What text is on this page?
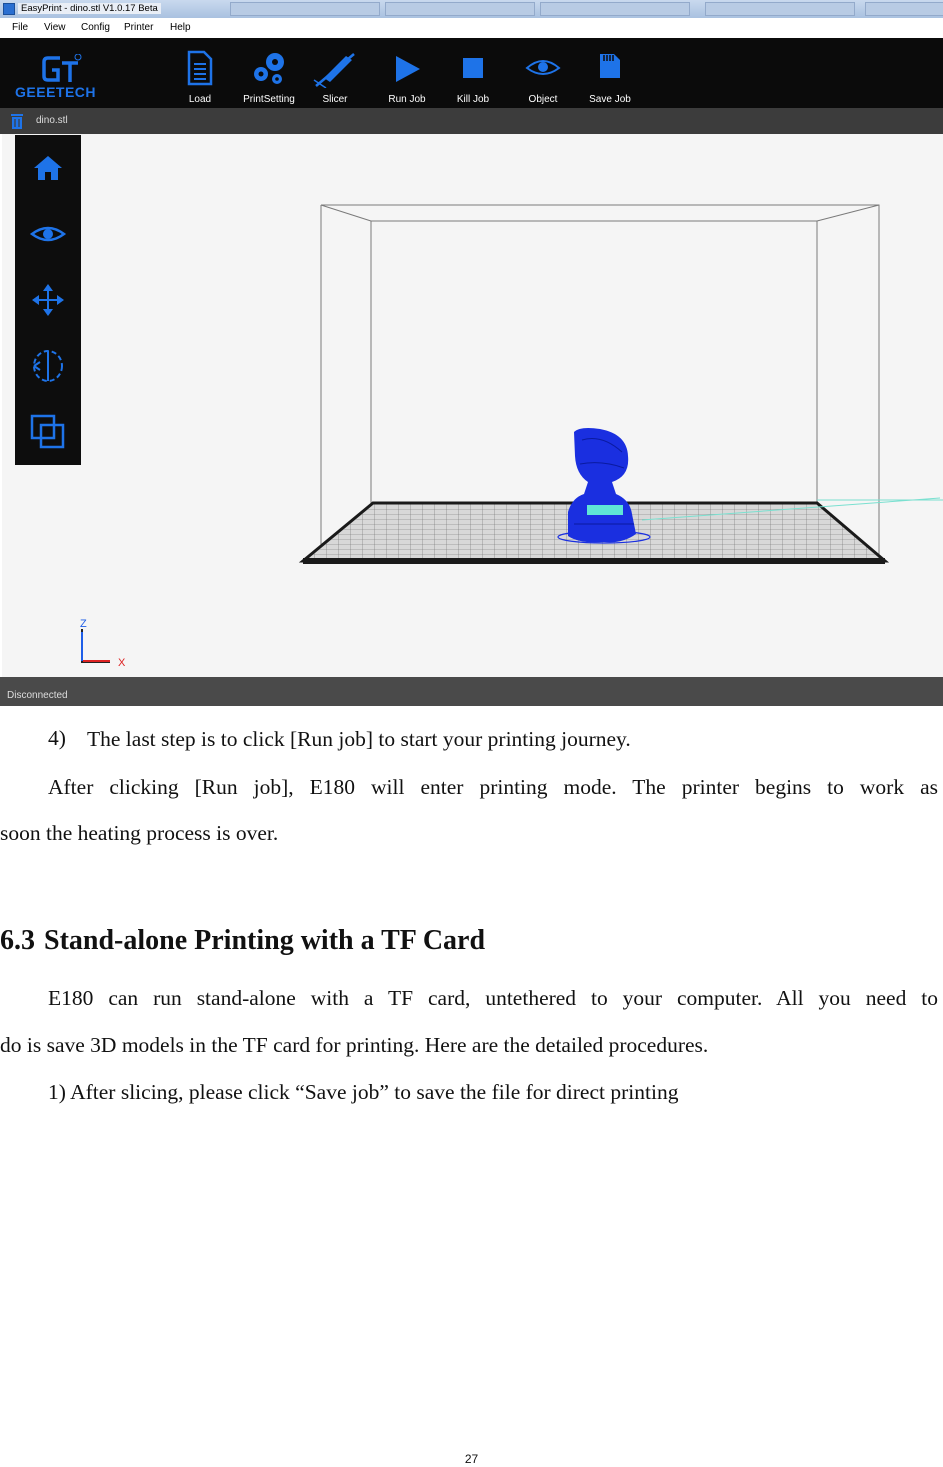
EasyPrint - dino.stl V1.0.17 Beta
File View Config Printer Help
GEEETECH	Load	PrintSetting	Slicer	Run Job	Kill Job	Object	Save Job
dino.stl
Z
X
Disconnected
4) The last step is to click [Run job] to start your printing journey.
After clicking [Run job], E180 will enter printing mode. The printer begins to work as
soon the heating process is over.
6.3 Stand-alone Printing with a TF Card
E180 can run stand-alone with a TF card, untethered to your computer. All you need to
do is save 3D models in the TF card for printing. Here are the detailed procedures.
1) After slicing, please click “Save job” to save the file for direct printing
27
